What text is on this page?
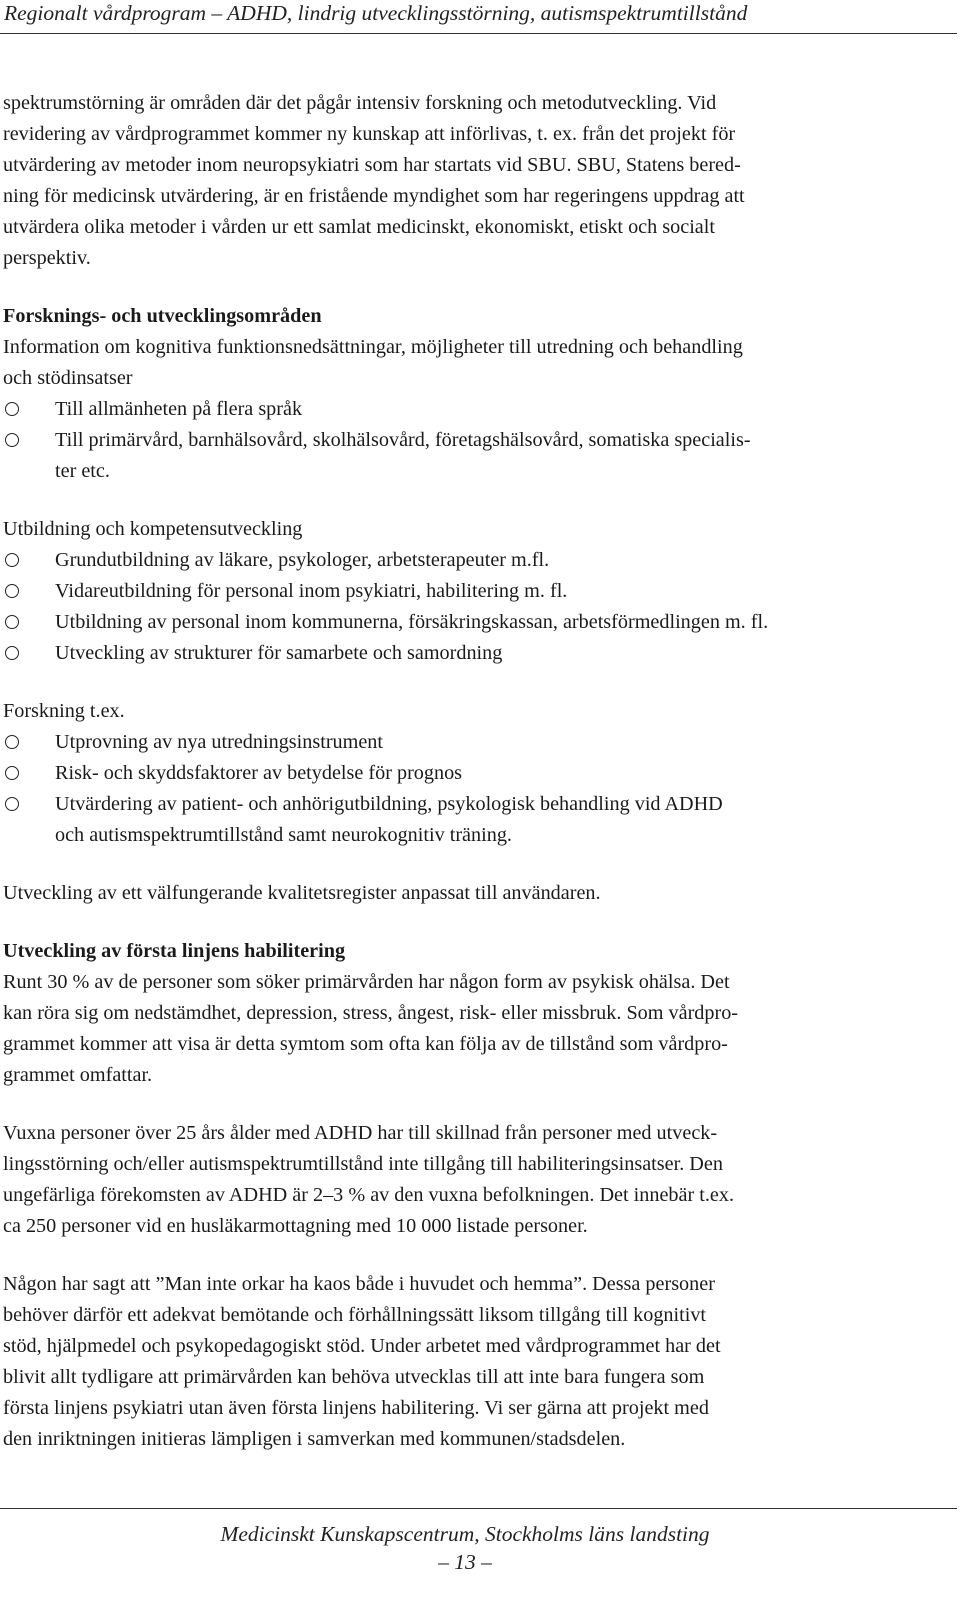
Regionalt vårdprogram – ADHD, lindrig utvecklingsstörning, autismspektrumtillstånd

spektrumstörning är områden där det pågår intensiv forskning och metodutveckling. Vid

revidering av vårdprogrammet kommer ny kunskap att införlivas, t. ex. från det projekt för

utvärdering av metoder inom neuropsykiatri som har startats vid SBU. SBU, Statens bered-

ning för medicinsk utvärdering, är en fristående myndighet som har regeringens uppdrag att

utvärdera olika metoder i vården ur ett samlat medicinskt, ekonomiskt, etiskt och socialt

perspektiv.

Forsknings- och utvecklingsområden

Information om kognitiva funktionsnedsättningar, möjligheter till utredning och behandling

och stödinsatser

Till allmänheten på flera språk

Till primärvård, barnhälsovård, skolhälsovård, företagshälsovård, somatiska specialis-

ter etc.

Utbildning och kompetensutveckling

Grundutbildning av läkare, psykologer, arbetsterapeuter m.fl.

Vidareutbildning för personal inom psykiatri, habilitering m. fl.

Utbildning av personal inom kommunerna, försäkringskassan, arbetsförmedlingen m. fl.

Utveckling av strukturer för samarbete och samordning

Forskning t.ex.

Utprovning av nya utredningsinstrument

Risk- och skyddsfaktorer av betydelse för prognos

Utvärdering av patient- och anhörigutbildning, psykologisk behandling vid ADHD

och autismspektrumtillstånd samt neurokognitiv träning.

Utveckling av ett välfungerande kvalitetsregister anpassat till användaren.

Utveckling av första linjens habilitering

Runt 30 % av de personer som söker primärvården har någon form av psykisk ohälsa. Det

kan röra sig om nedstämdhet, depression, stress, ångest, risk- eller missbruk. Som vårdpro-

grammet kommer att visa är detta symtom som ofta kan följa av de tillstånd som vårdpro-

grammet omfattar.

Vuxna personer över 25 års ålder med ADHD har till skillnad från personer med utveck-

lingsstörning och/eller autismspektrumtillstånd inte tillgång till habiliteringsinsatser. Den

ungefärliga förekomsten av ADHD är 2–3 % av den vuxna befolkningen. Det innebär t.ex.

ca 250 personer vid en husläkarmottagning med 10 000 listade personer.

Någon har sagt att ”Man inte orkar ha kaos både i huvudet och hemma”. Dessa personer

behöver därför ett adekvat bemötande och förhållningssätt liksom tillgång till kognitivt

stöd, hjälpmedel och psykopedagogiskt stöd. Under arbetet med vårdprogrammet har det

blivit allt tydligare att primärvården kan behöva utvecklas till att inte bara fungera som

första linjens psykiatri utan även första linjens habilitering. Vi ser gärna att projekt med

den inriktningen initieras lämpligen i samverkan med kommunen/stadsdelen.

Medicinskt Kunskapscentrum, Stockholms läns landsting
– 13 –
